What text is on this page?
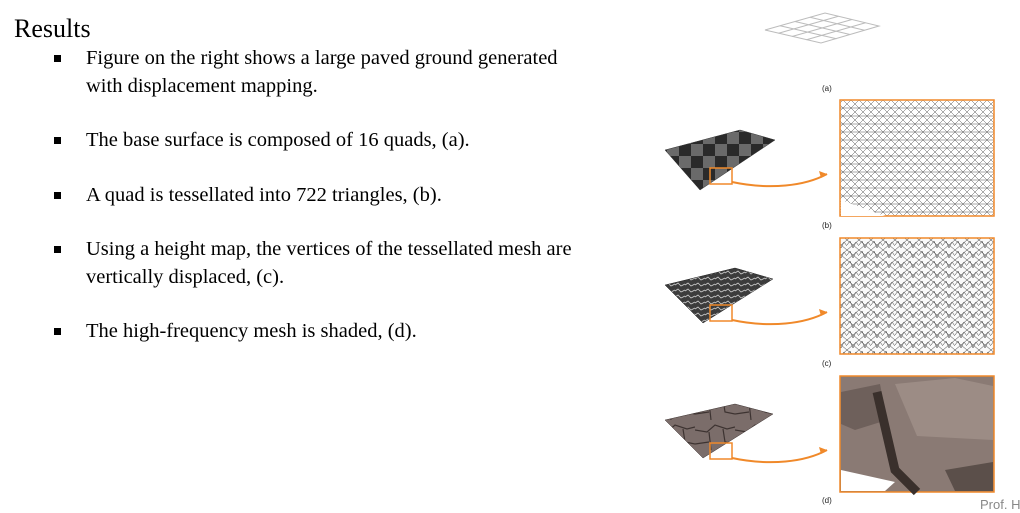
Results
Figure on the right shows a large paved ground generated
with displacement mapping.
The base surface is composed of 16 quads, (a).
A quad is tessellated into 722 triangles, (b).
Using a height map, the vertices of the tessellated mesh are
vertically displaced, (c).
The high-frequency mesh is shaded, (d).
(a)
(b)
(c)
(d)	Prof. H
